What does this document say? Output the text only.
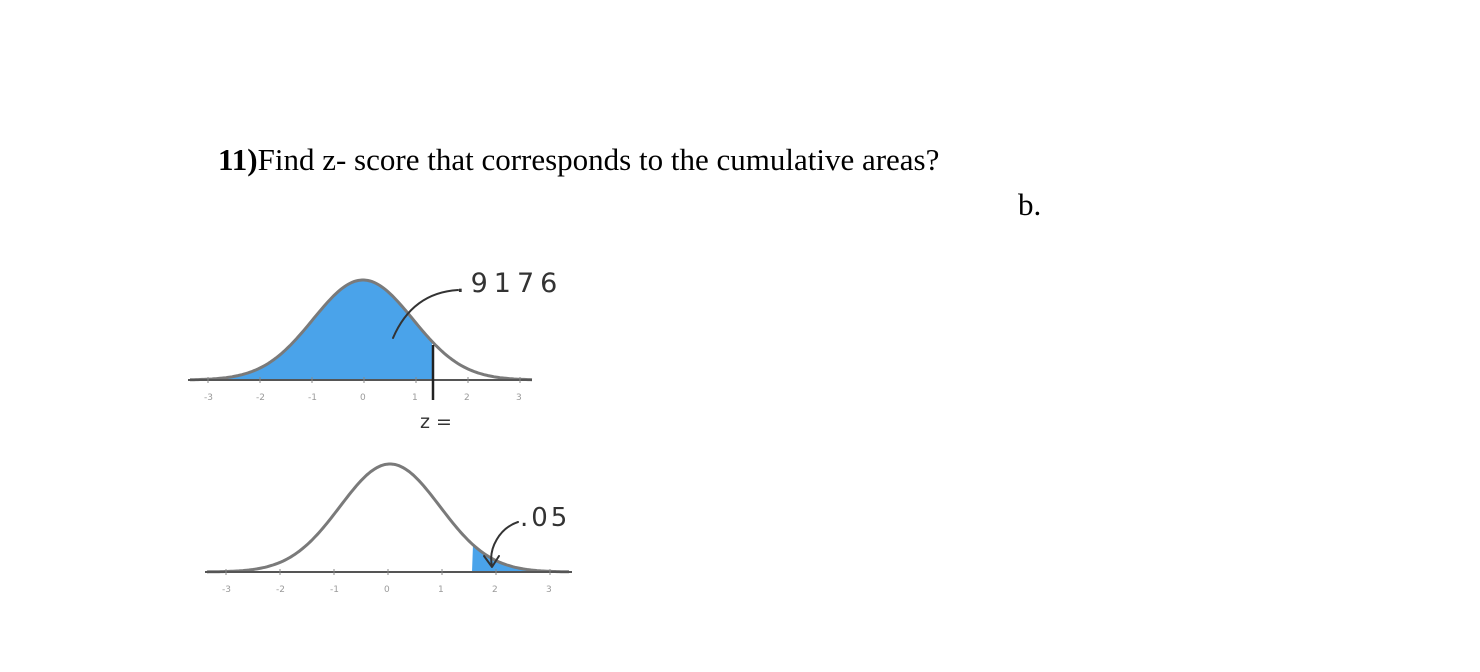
11)Find z- score that corresponds to the cumulative areas?
b.
-3	-2	-1	0	1	2	3
.9176
z =
-3	-2	-1	0	1	2	3
.05
